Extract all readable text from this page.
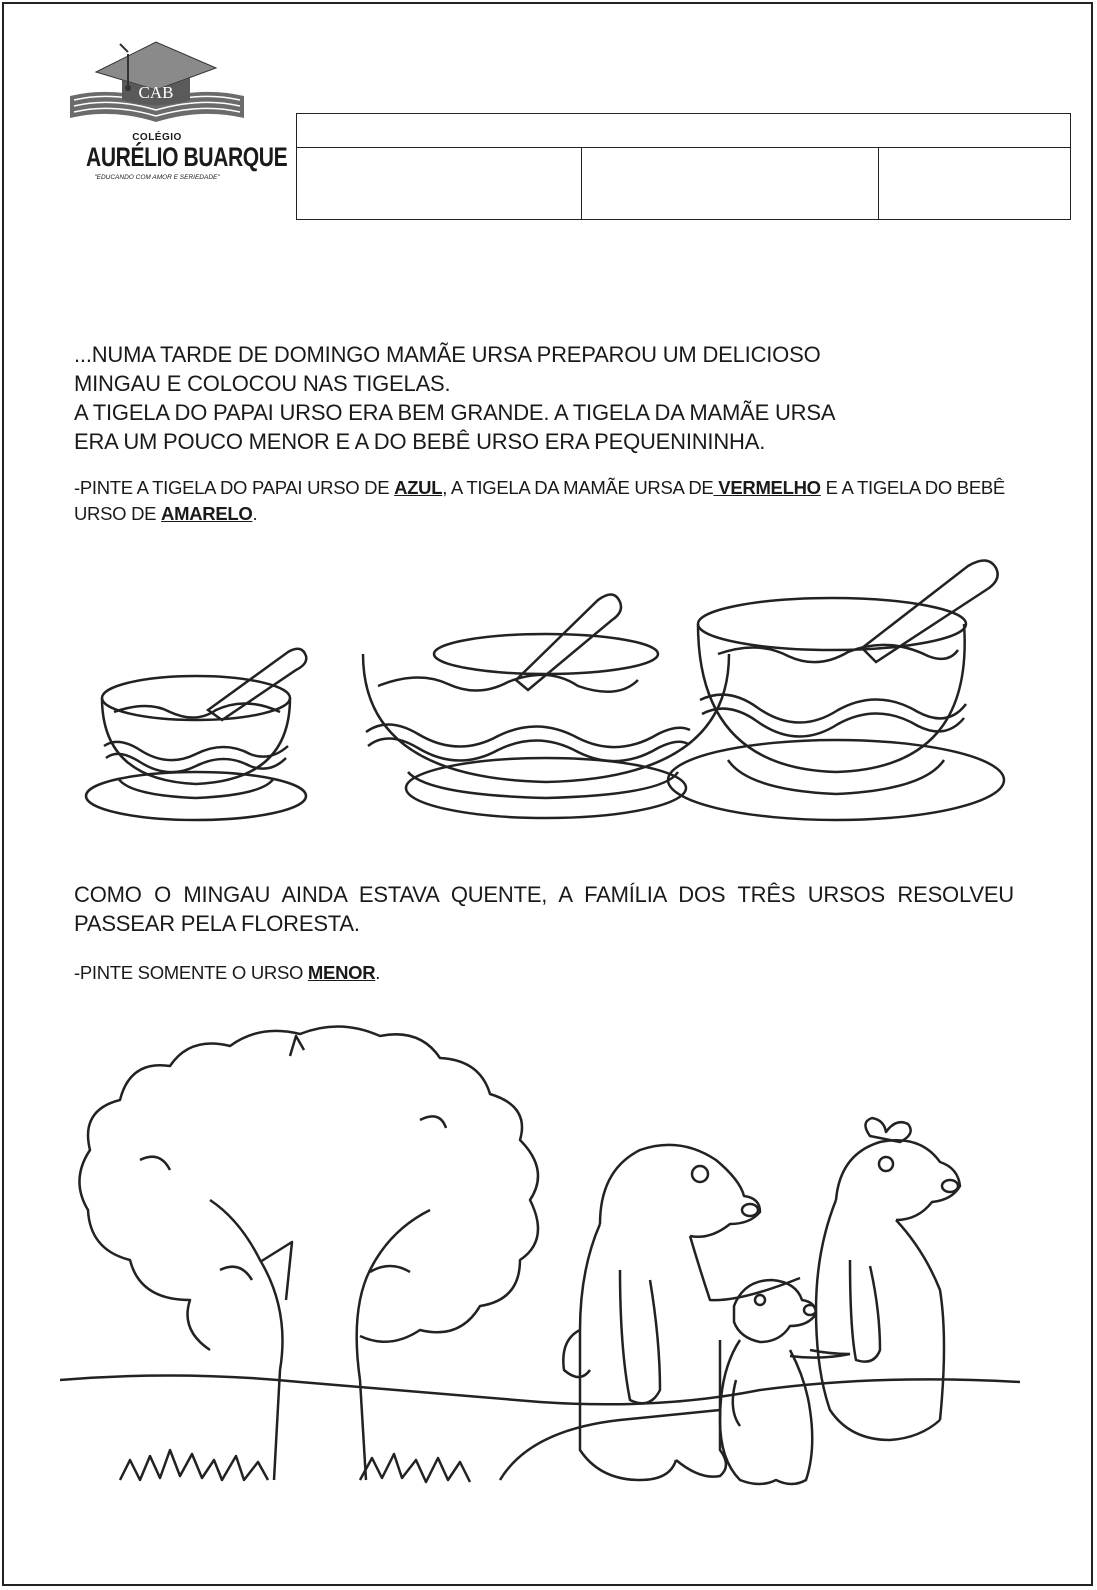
CAB
COLÉGIO
AURÉLIO BUARQUE
"EDUCANDO COM AMOR E SERIEDADE"

...NUMA TARDE DE DOMINGO MAMÃE URSA PREPAROU UM DELICIOSO
MINGAU E COLOCOU NAS TIGELAS.
A TIGELA DO PAPAI URSO ERA BEM GRANDE. A TIGELA DA MAMÃE URSA
ERA UM POUCO MENOR E A DO BEBÊ URSO ERA PEQUENININHA.
-PINTE A TIGELA DO PAPAI URSO DE AZUL, A TIGELA DA MAMÃE URSA DE VERMELHO E A TIGELA DO BEBÊ URSO DE AMARELO.
COMO O MINGAU AINDA ESTAVA QUENTE, A FAMÍLIA DOS TRÊS URSOS RESOLVEU PASSEAR PELA FLORESTA.
-PINTE SOMENTE O URSO MENOR.
